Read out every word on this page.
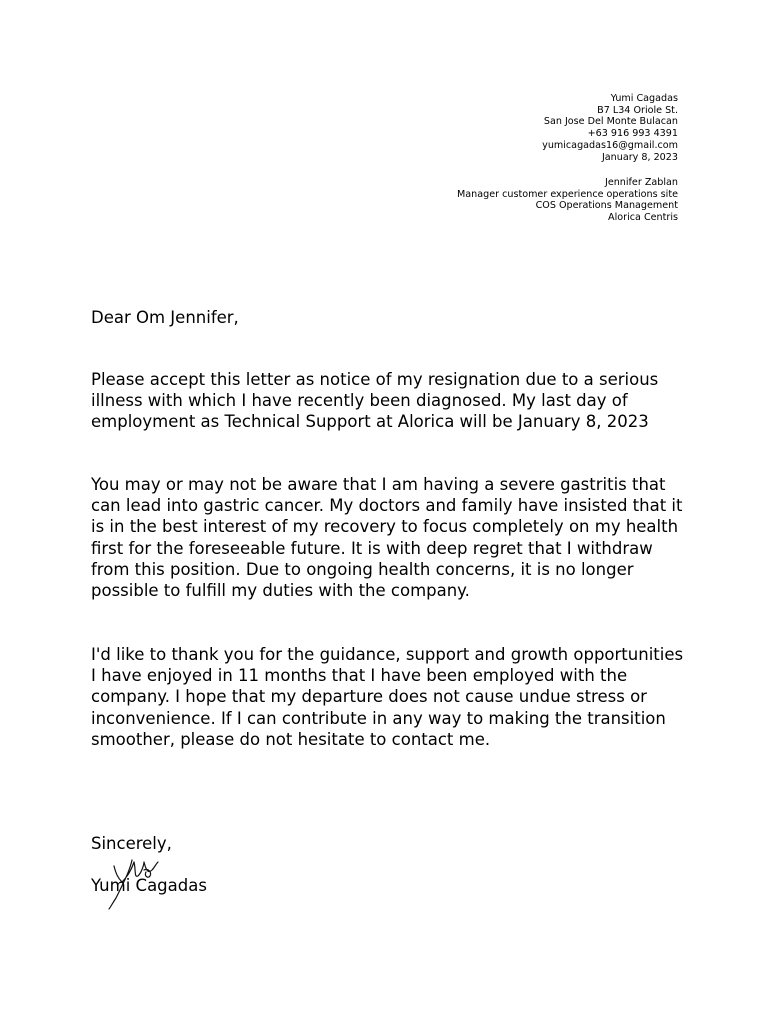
Yumi Cagadas
B7 L34 Oriole St.
San Jose Del Monte Bulacan
+63 916 993 4391
yumicagadas16@gmail.com
January 8, 2023
Jennifer Zablan
Manager customer experience operations site
COS Operations Management
Alorica Centris
Dear Om Jennifer,

Please accept this letter as notice of my resignation due to a serious illness with which I have recently been diagnosed. My last day of employment as Technical Support at Alorica will be January 8, 2023

You may or may not be aware that I am having a severe gastritis that can lead into gastric cancer. My doctors and family have insisted that it is in the best interest of my recovery to focus completely on my health first for the foreseeable future. It is with deep regret that I withdraw from this position. Due to ongoing health concerns, it is no longer possible to fulfill my duties with the company.

I'd like to thank you for the guidance, support and growth opportunities I have enjoyed in 11 months that I have been employed with the company. I hope that my departure does not cause undue stress or inconvenience. If I can contribute in any way to making the transition smoother, please do not hesitate to contact me.

Sincerely,
Yumi Cagadas
